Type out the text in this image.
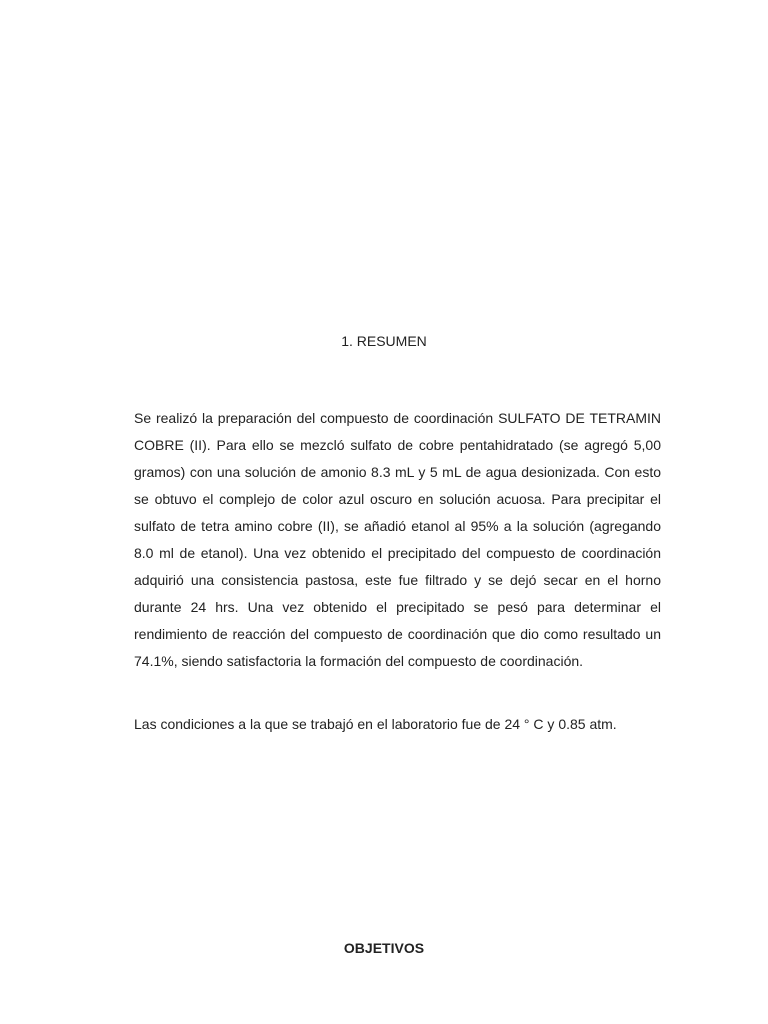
1. RESUMEN

Se realizó la preparación del compuesto de coordinación SULFATO DE TETRAMIN COBRE (II). Para ello se mezcló sulfato de cobre pentahidratado (se agregó 5,00 gramos) con una solución de amonio 8.3 mL y 5 mL de agua desionizada. Con esto se obtuvo el complejo de color azul oscuro en solución acuosa. Para precipitar el sulfato de tetra amino cobre (II), se añadió etanol al 95% a la solución (agregando 8.0 ml de etanol). Una vez obtenido el precipitado del compuesto de coordinación adquirió una consistencia pastosa, este fue filtrado y se dejó secar en el horno durante 24 hrs. Una vez obtenido el precipitado se pesó para determinar el rendimiento de reacción del compuesto de coordinación que dio como resultado un 74.1%, siendo satisfactoria la formación del compuesto de coordinación.

Las condiciones a la que se trabajó en el laboratorio fue de 24 ° C y 0.85 atm.

OBJETIVOS
